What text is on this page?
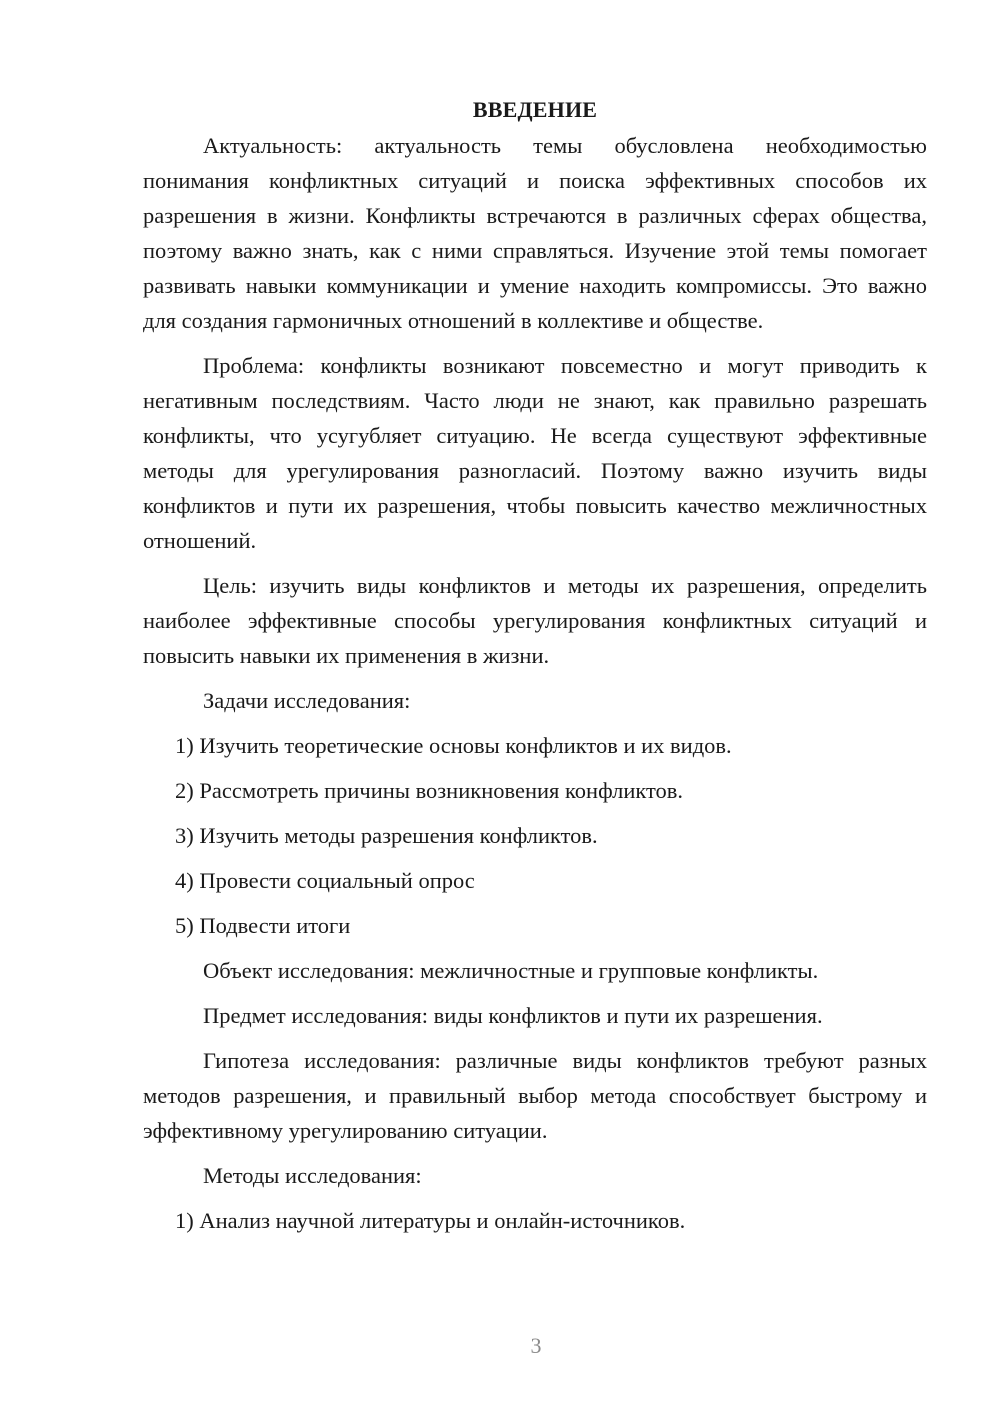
ВВЕДЕНИЕ

Актуальность: актуальность темы обусловлена необходимостью понимания конфликтных ситуаций и поиска эффективных способов их разрешения в жизни. Конфликты встречаются в различных сферах общества, поэтому важно знать, как с ними справляться. Изучение этой темы помогает развивать навыки коммуникации и умение находить компромиссы. Это важно для создания гармоничных отношений в коллективе и обществе.

Проблема: конфликты возникают повсеместно и могут приводить к негативным последствиям. Часто люди не знают, как правильно разрешать конфликты, что усугубляет ситуацию. Не всегда существуют эффективные методы для урегулирования разногласий. Поэтому важно изучить виды конфликтов и пути их разрешения, чтобы повысить качество межличностных отношений.

Цель: изучить виды конфликтов и методы их разрешения, определить наиболее эффективные способы урегулирования конфликтных ситуаций и повысить навыки их применения в жизни.

Задачи исследования:

1) Изучить теоретические основы конфликтов и их видов.

2) Рассмотреть причины возникновения конфликтов.

3) Изучить методы разрешения конфликтов.

4) Провести социальный опрос

5) Подвести итоги

Объект исследования: межличностные и групповые конфликты.

Предмет исследования: виды конфликтов и пути их разрешения.

Гипотеза исследования: различные виды конфликтов требуют разных методов разрешения, и правильный выбор метода способствует быстрому и эффективному урегулированию ситуации.

Методы исследования:

1) Анализ научной литературы и онлайн-источников.

3
